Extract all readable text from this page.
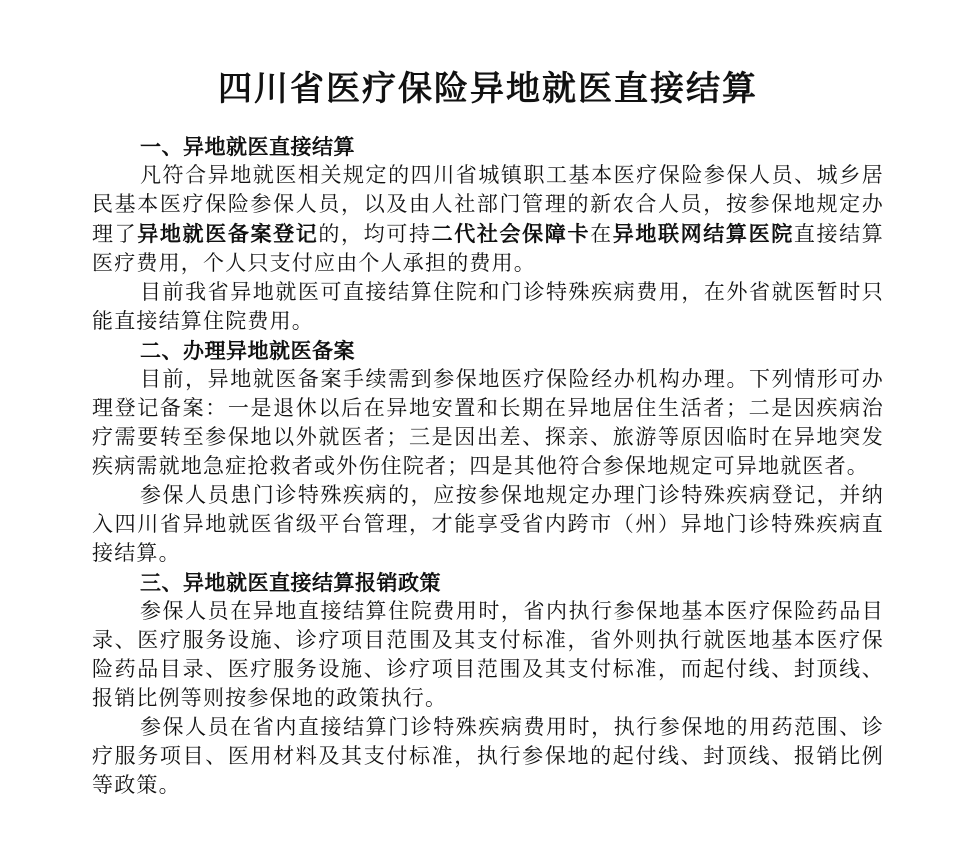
四川省医疗保险异地就医直接结算
一、异地就医直接结算

凡符合异地就医相关规定的四川省城镇职工基本医疗保险参保人员、城乡居民基本医疗保险参保人员，以及由人社部门管理的新农合人员，按参保地规定办理了异地就医备案登记的，均可持二代社会保障卡在异地联网结算医院直接结算医疗费用，个人只支付应由个人承担的费用。

目前我省异地就医可直接结算住院和门诊特殊疾病费用，在外省就医暂时只能直接结算住院费用。

二、办理异地就医备案

目前，异地就医备案手续需到参保地医疗保险经办机构办理。下列情形可办理登记备案：一是退休以后在异地安置和长期在异地居住生活者；二是因疾病治疗需要转至参保地以外就医者；三是因出差、探亲、旅游等原因临时在异地突发疾病需就地急症抢救者或外伤住院者；四是其他符合参保地规定可异地就医者。

参保人员患门诊特殊疾病的，应按参保地规定办理门诊特殊疾病登记，并纳入四川省异地就医省级平台管理，才能享受省内跨市（州）异地门诊特殊疾病直接结算。

三、异地就医直接结算报销政策

参保人员在异地直接结算住院费用时，省内执行参保地基本医疗保险药品目录、医疗服务设施、诊疗项目范围及其支付标准，省外则执行就医地基本医疗保险药品目录、医疗服务设施、诊疗项目范围及其支付标准，而起付线、封顶线、报销比例等则按参保地的政策执行。

参保人员在省内直接结算门诊特殊疾病费用时，执行参保地的用药范围、诊疗服务项目、医用材料及其支付标准，执行参保地的起付线、封顶线、报销比例等政策。
